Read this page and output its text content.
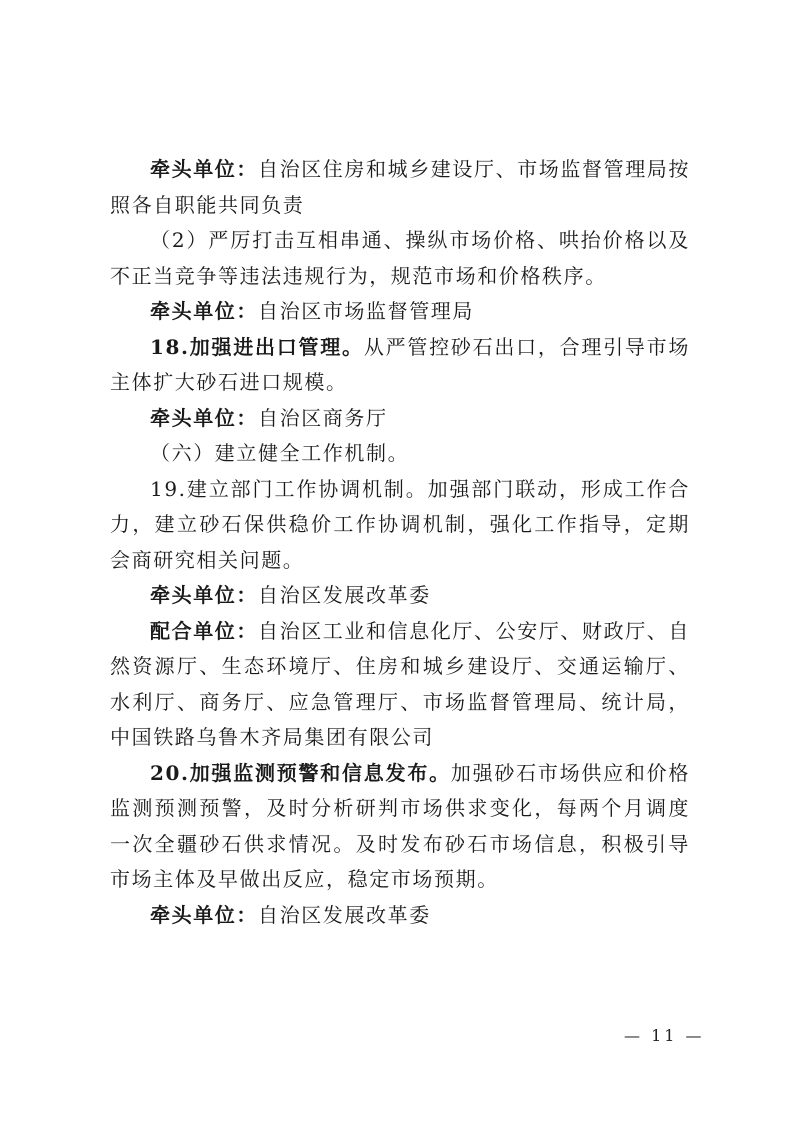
牵头单位：自治区住房和城乡建设厅、市场监督管理局按照各自职能共同负责

（2）严厉打击互相串通、操纵市场价格、哄抬价格以及不正当竞争等违法违规行为，规范市场和价格秩序。

牵头单位：自治区市场监督管理局

18.加强进出口管理。从严管控砂石出口，合理引导市场主体扩大砂石进口规模。

牵头单位：自治区商务厅

（六）建立健全工作机制。

19.建立部门工作协调机制。加强部门联动，形成工作合力，建立砂石保供稳价工作协调机制，强化工作指导，定期会商研究相关问题。

牵头单位：自治区发展改革委

配合单位：自治区工业和信息化厅、公安厅、财政厅、自然资源厅、生态环境厅、住房和城乡建设厅、交通运输厅、水利厅、商务厅、应急管理厅、市场监督管理局、统计局，中国铁路乌鲁木齐局集团有限公司

20.加强监测预警和信息发布。加强砂石市场供应和价格监测预测预警，及时分析研判市场供求变化，每两个月调度一次全疆砂石供求情况。及时发布砂石市场信息，积极引导市场主体及早做出反应，稳定市场预期。

牵头单位：自治区发展改革委

— 11 —
